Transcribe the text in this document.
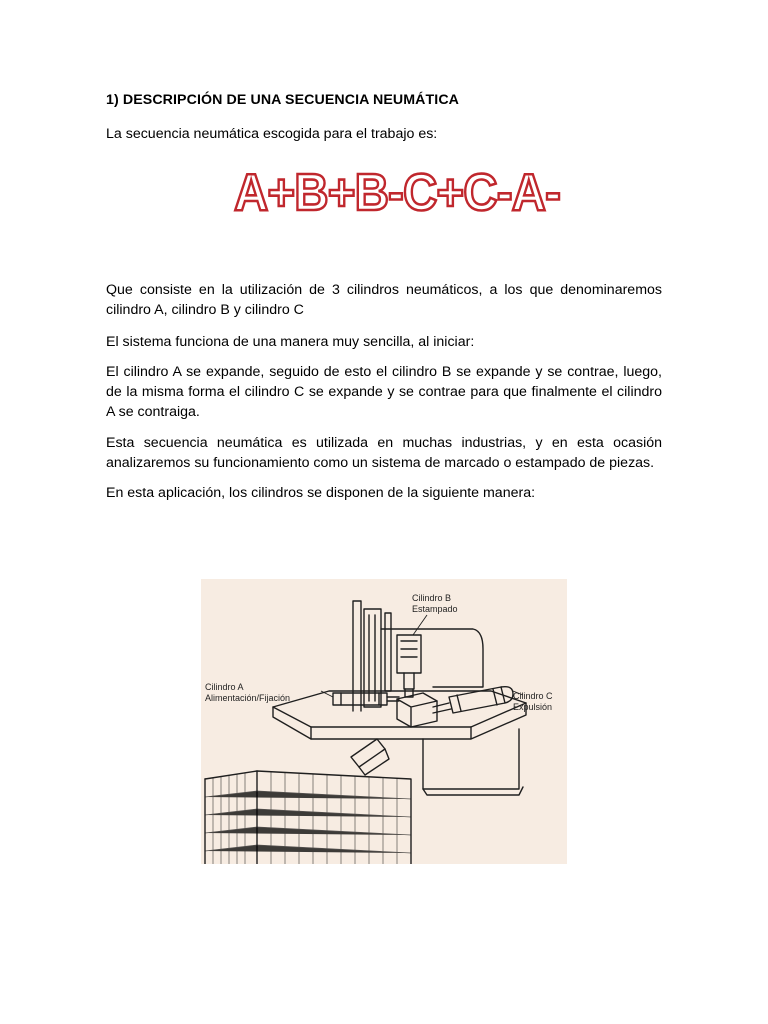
1) DESCRIPCIÓN DE UNA SECUENCIA NEUMÁTICA
La secuencia neumática escogida para el trabajo es:
A+B+B-C+C-A-
Que consiste en la utilización de 3 cilindros neumáticos, a los que denominaremos cilindro A, cilindro B y cilindro C
El sistema funciona de una manera muy sencilla, al iniciar:
El cilindro A se expande, seguido de esto el cilindro B se expande y se contrae, luego, de la misma forma el cilindro C se expande y se contrae para que finalmente el cilindro A se contraiga.
Esta secuencia neumática es utilizada en muchas industrias, y en esta ocasión analizaremos su funcionamiento como un sistema de marcado o estampado de piezas.
En esta aplicación, los cilindros se disponen de la siguiente manera:
Cilindro B
Estampado
Cilindro A
Alimentación/Fijación	Cilindro C
Expulsión
